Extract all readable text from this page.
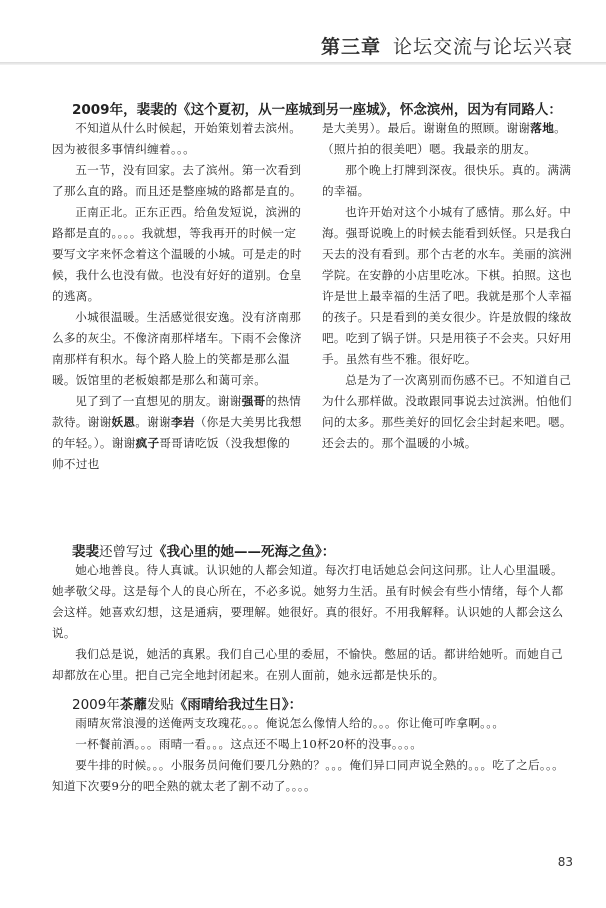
第三章 论坛交流与论坛兴衰
2009年，裴裴的《这个夏初，从一座城到另一座城》，怀念滨州，因为有同路人：

不知道从什么时候起，开始策划着去滨州。因为被很多事情纠缠着。。。

五一节，没有回家。去了滨州。第一次看到了那么直的路。而且还是整座城的路都是直的。

正南正北。正东正西。给鱼发短说，滨洲的路都是直的。。。。我就想，等我再开的时候一定要写文字来怀念着这个温暖的小城。可是走的时候，我什么也没有做。也没有好好的道别。仓皇的逃离。

小城很温暖。生活感觉很安逸。没有济南那么多的灰尘。不像济南那样堵车。下雨不会像济南那样有积水。每个路人脸上的笑都是那么温暖。饭馆里的老板娘都是那么和蔼可亲。

见了到了一直想见的朋友。谢谢强哥的热情款待。谢谢妖恩。谢谢李岩（你是大美男比我想的年轻。）。谢谢疯子哥哥请吃饭（没我想像的帅不过也

是大美男）。最后。谢谢鱼的照顾。谢谢落地。（照片拍的很美吧）嗯。我最亲的朋友。

那个晚上打牌到深夜。很快乐。真的。满满的幸福。

也许开始对这个小城有了感情。那么好。中海。强哥说晚上的时候去能看到妖怪。只是我白天去的没有看到。那个古老的水车。美丽的滨洲学院。在安静的小店里吃冰。下棋。拍照。这也许是世上最幸福的生活了吧。我就是那个人幸福的孩子。只是看到的美女很少。许是放假的缘故吧。吃到了锅子饼。只是用筷子不会夹。只好用手。虽然有些不雅。很好吃。

总是为了一次离别而伤感不已。不知道自己为什么那样做。没敢跟同事说去过滨洲。怕他们问的太多。那些美好的回忆会尘封起来吧。嗯。还会去的。那个温暖的小城。

裴裴还曾写过《我心里的她——死海之鱼》：

她心地善良。待人真诚。认识她的人都会知道。每次打电话她总会问这问那。让人心里温暖。她孝敬父母。这是每个人的良心所在，不必多说。她努力生活。虽有时候会有些小情绪，每个人都会这样。她喜欢幻想，这是通病，要理解。她很好。真的很好。不用我解释。认识她的人都会这么说。

我们总是说，她活的真累。我们自己心里的委屈，不愉快。憋屈的话。都讲给她听。而她自己却都放在心里。把自己完全地封闭起来。在别人面前，她永远都是快乐的。

2009年茶蘼发贴《雨晴给我过生日》：

雨晴灰常浪漫的送俺两支玫瑰花。。。俺说怎么像情人给的。。。你让俺可咋拿啊。。。

一杯餐前酒。。。雨晴一看。。。这点还不喝上10杯20杯的没事。。。。

要牛排的时候。。。小服务员问俺们要几分熟的？。。。俺们异口同声说全熟的。。。吃了之后。。。知道下次要9分的吧全熟的就太老了割不动了。。。。

83
